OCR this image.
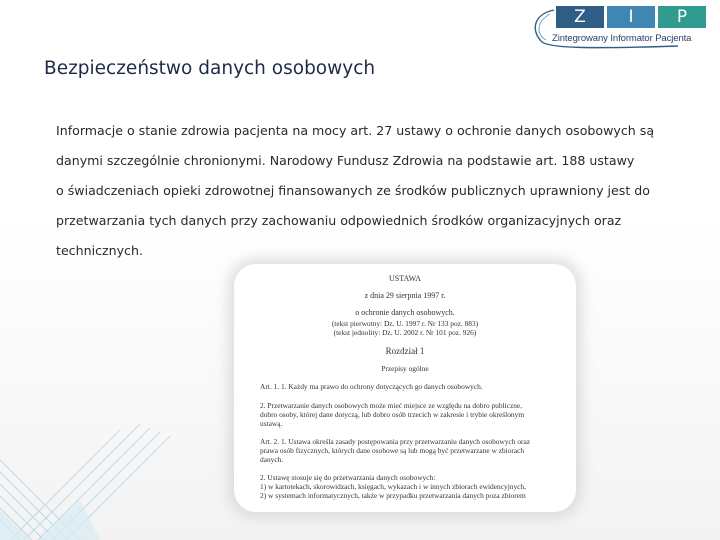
Z	I	P
Zintegrowany Informator Pacjenta
Bezpieczeństwo danych osobowych
Informacje o stanie zdrowia pacjenta na mocy art. 27 ustawy o ochronie danych osobowych są
danymi szczególnie chronionymi. Narodowy Fundusz Zdrowia na podstawie art. 188 ustawy
o świadczeniach opieki zdrowotnej finansowanych ze środków publicznych uprawniony jest do
przetwarzania tych danych przy zachowaniu odpowiednich środków organizacyjnych oraz
technicznych.
USTAWA
z dnia 29 sierpnia 1997 r.
o ochronie danych osobowych.
(tekst pierwotny: Dz. U. 1997 r. Nr 133 poz. 883)
(tekst jednolity: Dz. U. 2002 r. Nr 101 poz. 926)
Rozdział 1
Przepisy ogólne
Art. 1. 1. Każdy ma prawo do ochrony dotyczących go danych osobowych.
2. Przetwarzanie danych osobowych może mieć miejsce ze względu na dobro publiczne,
dobro osoby, której dane dotyczą, lub dobro osób trzecich w zakresie i trybie określonym
ustawą.
Art. 2. 1. Ustawa określa zasady postępowania przy przetwarzaniu danych osobowych oraz
prawa osób fizycznych, których dane osobowe są lub mogą być przetwarzane w zbiorach
danych.
2. Ustawę stosuje się do przetwarzania danych osobowych:
1) w kartotekach, skorowidzach, księgach, wykazach i w innych zbiorach ewidencyjnych,
2) w systemach informatycznych, także w przypadku przetwarzania danych poza zbiorem
